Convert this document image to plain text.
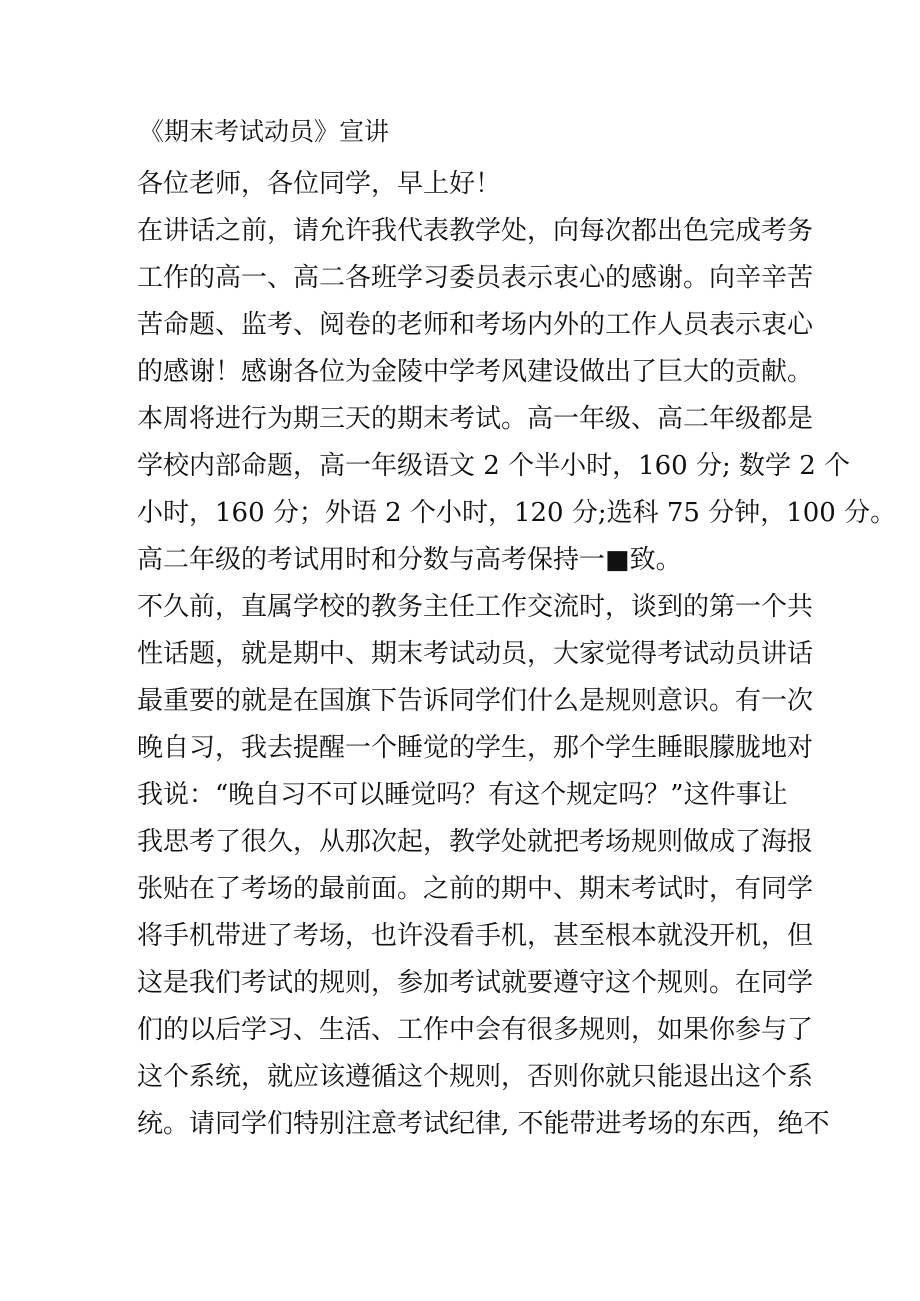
《期末考试动员》宣讲
各位老师，各位同学，早上好！
在讲话之前，请允许我代表教学处，向每次都出色完成考务
工作的高一、高二各班学习委员表示衷心的感谢。向辛辛苦
苦命题、监考、阅卷的老师和考场内外的工作人员表示衷心
的感谢！感谢各位为金陵中学考风建设做出了巨大的贡献。
本周将进行为期三天的期末考试。高一年级、高二年级都是
学校内部命题，高一年级语文 2 个半小时，160 分; 数学 2 个
小时，160 分；外语 2 个小时，120 分;选科 75 分钟，100 分。
高二年级的考试用时和分数与高考保持一■致。
不久前，直属学校的教务主任工作交流时，谈到的第一个共
性话题，就是期中、期末考试动员，大家觉得考试动员讲话
最重要的就是在国旗下告诉同学们什么是规则意识。有一次
晚自习，我去提醒一个睡觉的学生，那个学生睡眼朦胧地对
我说：“晚自习不可以睡觉吗？有这个规定吗？”这件事让
我思考了很久，从那次起，教学处就把考场规则做成了海报
张贴在了考场的最前面。之前的期中、期末考试时，有同学
将手机带进了考场，也许没看手机，甚至根本就没开机，但
这是我们考试的规则，参加考试就要遵守这个规则。在同学
们的以后学习、生活、工作中会有很多规则，如果你参与了
这个系统，就应该遵循这个规则，否则你就只能退出这个系
统。请同学们特别注意考试纪律, 不能带进考场的东西，绝不
